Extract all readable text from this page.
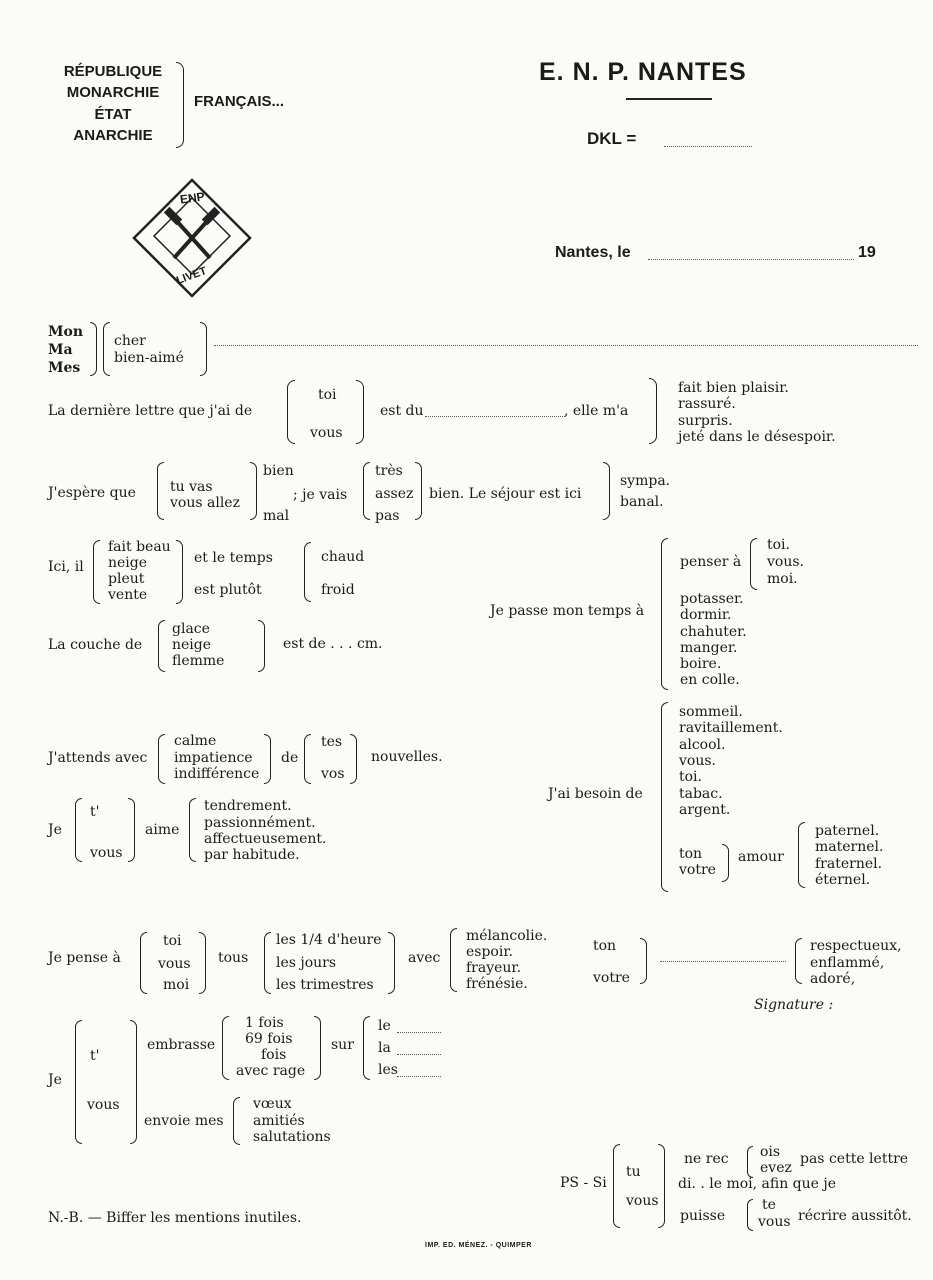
RÉPUBLIQUE
MONARCHIE
ÉTAT
ANARCHIE
FRANÇAIS...
E. N. P. NANTES
DKL =
ENP
LIVET
Nantes, le	19
Mon
Ma
Mes
cher
bien-aimé
La dernière lettre que j'ai de
toi
vous
est du	, elle m'a
fait bien plaisir.
rassuré.
surpris.
jeté dans le désespoir.
J'espère que tu vas
vous allez
bien
mal
; je vais
très
assez
pas
bien. Le séjour est ici
sympa.
banal.
Ici, il
fait beau
neige
pleut
vente
et le temps
est plutôt
chaud
froid
La couche de
glace
neige
flemme
est de . . . cm.
Je passe mon temps à
penser à
toi.
vous.
moi.
potasser.
dormir.
chahuter.
manger.
boire.
en colle.
J'attends avec
calme
impatience
indifférence
de
tes
vos
nouvelles.
Je
t'
vous
aime
tendrement.
passionnément.
affectueusement.
par habitude.
J'ai besoin de
sommeil.
ravitaillement.
alcool.
vous.
toi.
tabac.
argent.
ton
votre
amour
paternel.
maternel.
fraternel.
éternel.
Je pense à
toi
vous
moi
tous
les 1/4 d'heure
les jours
les trimestres
avec
mélancolie.
espoir.
frayeur.
frénésie.
ton
votre
respectueux,
enflammé,
adoré,
Signature :
Je
t'
vous
embrasse
1 fois
69 fois
fois
avec rage
sur
le
la
les
envoie mes
vœux
amitiés
salutations
PS - Si
tu
vous
ne rec ois
evez
pas cette lettre
di. . le moi, afin que je
puisse
te
vous récrire aussitôt.
N.-B. — Biffer les mentions inutiles.
IMP. ED. MÉNEZ. - QUIMPER
